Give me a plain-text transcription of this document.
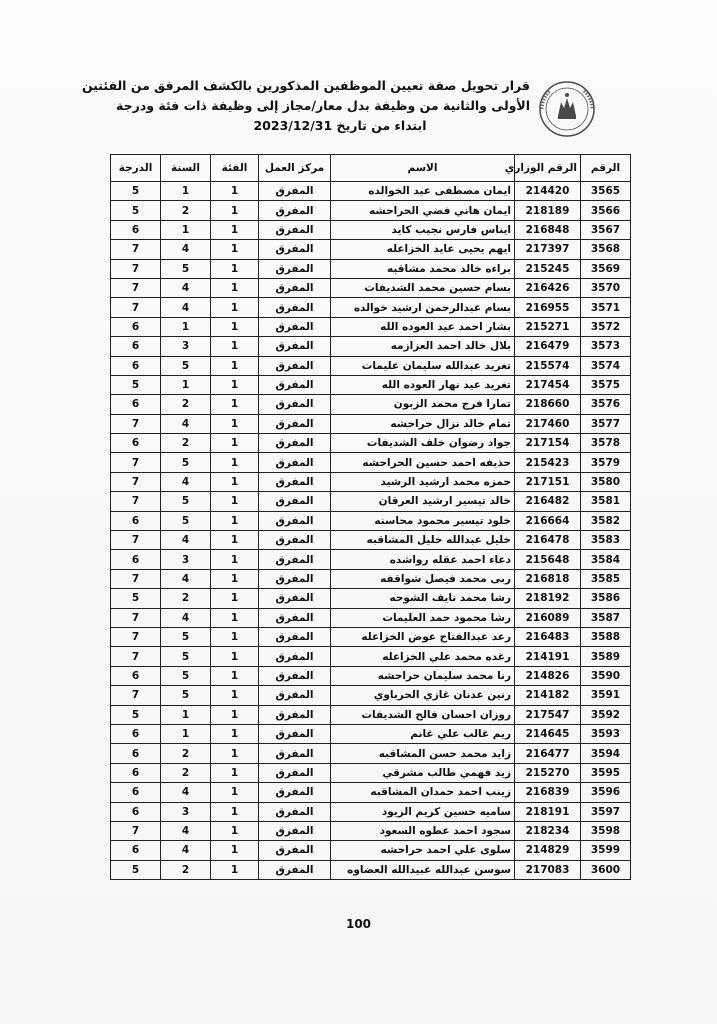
قرار تحويل صفة تعيين الموظفين المذكورين بالكشف المرفق من الفئتين
الأولى والثانية من وظيفة بدل معار/مجاز إلى وظيفة ذات فئة ودرجة
ابتداء من تاريخ 2023/12/31
الرقم	الرقم الوزاري	الاسم	مركز العمل	الفئة	السنة	الدرجة
3565	214420	ايمان مصطفى عيد الخوالده	المفرق	1	1	5
3566	218189	ايمان هاني فضي الحراحشه	المفرق	1	2	5
3567	216848	ايناس فارس نجيب كايد	المفرق	1	1	6
3568	217397	ايهم يحيى عايد الخزاعله	المفرق	1	4	7
3569	215245	براءه خالد محمد مشاقبه	المفرق	1	5	7
3570	216426	بسام حسين محمد الشديفات	المفرق	1	4	7
3571	216955	بسام عبدالرحمن ارشيد خوالده	المفرق	1	4	7
3572	215271	بشار احمد عيد العوده الله	المفرق	1	1	6
3573	216479	بلال خالد احمد العزازمه	المفرق	1	3	6
3574	215574	تغريد عبدالله سليمان عليمات	المفرق	1	5	6
3575	217454	تغريد عيد نهار العوده الله	المفرق	1	1	5
3576	218660	تمارا فرج محمد الزبون	المفرق	1	2	6
3577	217460	تمام خالد نزال حراحشه	المفرق	1	4	7
3578	217154	جواد رضوان خلف الشديفات	المفرق	1	2	6
3579	215423	حذيفه احمد حسين الحراحشه	المفرق	1	5	7
3580	217151	حمزه محمد ارشيد الرشيد	المفرق	1	4	7
3581	216482	خالد تيسير ارشيد العرقان	المفرق	1	5	7
3582	216664	خلود تيسير محمود محاسنه	المفرق	1	5	6
3583	216478	خليل عبدالله خليل المشاقبه	المفرق	1	4	7
3584	215648	دعاء احمد عقله رواشده	المفرق	1	3	6
3585	216818	ربى محمد فيصل شواقفه	المفرق	1	4	7
3586	218192	رشا محمد نايف الشوحه	المفرق	1	2	5
3587	216089	رشا محمود حمد العليمات	المفرق	1	4	7
3588	216483	رعد عبدالفتاح عوض الخزاعله	المفرق	1	5	7
3589	214191	رغده محمد علي الخزاعله	المفرق	1	5	7
3590	214826	رنا محمد سليمان حراحشه	المفرق	1	5	6
3591	214182	رنين عدنان غازي الحرباوي	المفرق	1	5	7
3592	217547	روزان احسان فالح الشديفات	المفرق	1	1	5
3593	214645	ريم غالب علي غانم	المفرق	1	1	6
3594	216477	زايد محمد حسن المشاقبه	المفرق	1	2	6
3595	215270	زيد فهمي طالب مشرقي	المفرق	1	2	6
3596	216839	زينب احمد حمدان المشاقبه	المفرق	1	4	6
3597	218191	ساميه حسين كريم الزيود	المفرق	1	3	6
3598	218234	سجود احمد عطوه السعود	المفرق	1	4	7
3599	214829	سلوى علي احمد حراحشه	المفرق	1	4	6
3600	217083	سوسن عبدالله عبيدالله العضاوه	المفرق	1	2	5
100
